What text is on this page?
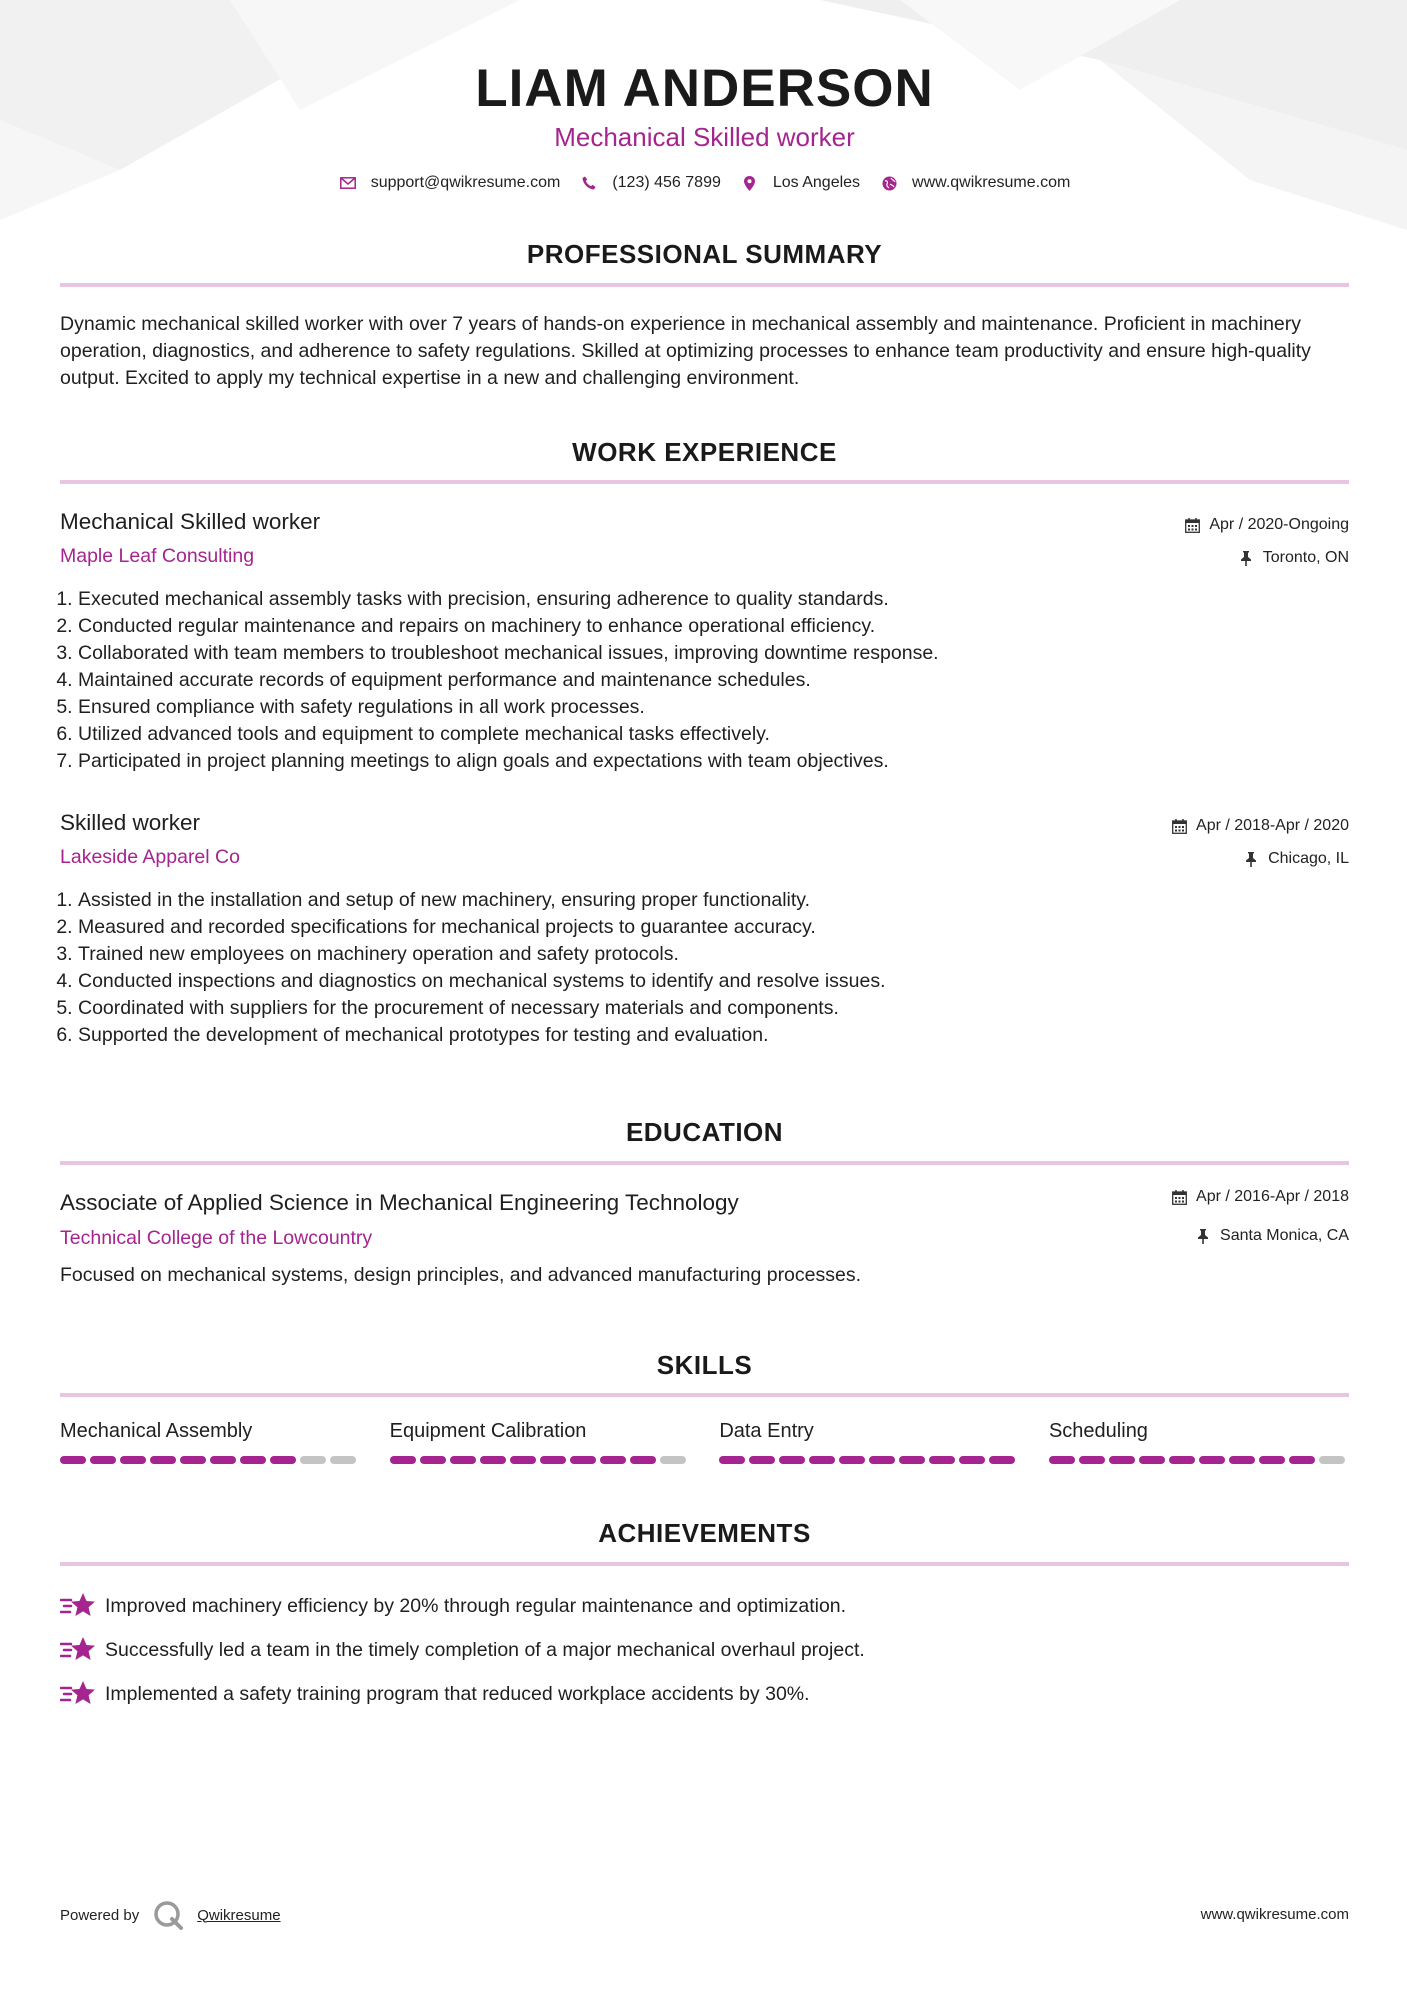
LIAM ANDERSON
Mechanical Skilled worker
support@qwikresume.com	(123) 456 7899	Los Angeles	www.qwikresume.com
PROFESSIONAL SUMMARY
Dynamic mechanical skilled worker with over 7 years of hands-on experience in mechanical assembly and maintenance. Proficient in machinery operation, diagnostics, and adherence to safety regulations. Skilled at optimizing processes to enhance team productivity and ensure high-quality output. Excited to apply my technical expertise in a new and challenging environment.
WORK EXPERIENCE
Mechanical Skilled worker
Maple Leaf Consulting
Apr / 2020-Ongoing
Toronto, ON
1. Executed mechanical assembly tasks with precision, ensuring adherence to quality standards.
2. Conducted regular maintenance and repairs on machinery to enhance operational efficiency.
3. Collaborated with team members to troubleshoot mechanical issues, improving downtime response.
4. Maintained accurate records of equipment performance and maintenance schedules.
5. Ensured compliance with safety regulations in all work processes.
6. Utilized advanced tools and equipment to complete mechanical tasks effectively.
7. Participated in project planning meetings to align goals and expectations with team objectives.
Skilled worker
Lakeside Apparel Co
Apr / 2018-Apr / 2020
Chicago, IL
1. Assisted in the installation and setup of new machinery, ensuring proper functionality.
2. Measured and recorded specifications for mechanical projects to guarantee accuracy.
3. Trained new employees on machinery operation and safety protocols.
4. Conducted inspections and diagnostics on mechanical systems to identify and resolve issues.
5. Coordinated with suppliers for the procurement of necessary materials and components.
6. Supported the development of mechanical prototypes for testing and evaluation.
EDUCATION
Associate of Applied Science in Mechanical Engineering Technology
Technical College of the Lowcountry
Apr / 2016-Apr / 2018
Santa Monica, CA
Focused on mechanical systems, design principles, and advanced manufacturing processes.
SKILLS
Mechanical Assembly	Equipment Calibration	Data Entry	Scheduling
ACHIEVEMENTS
Improved machinery efficiency by 20% through regular maintenance and optimization.
Successfully led a team in the timely completion of a major mechanical overhaul project.
Implemented a safety training program that reduced workplace accidents by 30%.
Powered by	Qwikresume	www.qwikresume.com
